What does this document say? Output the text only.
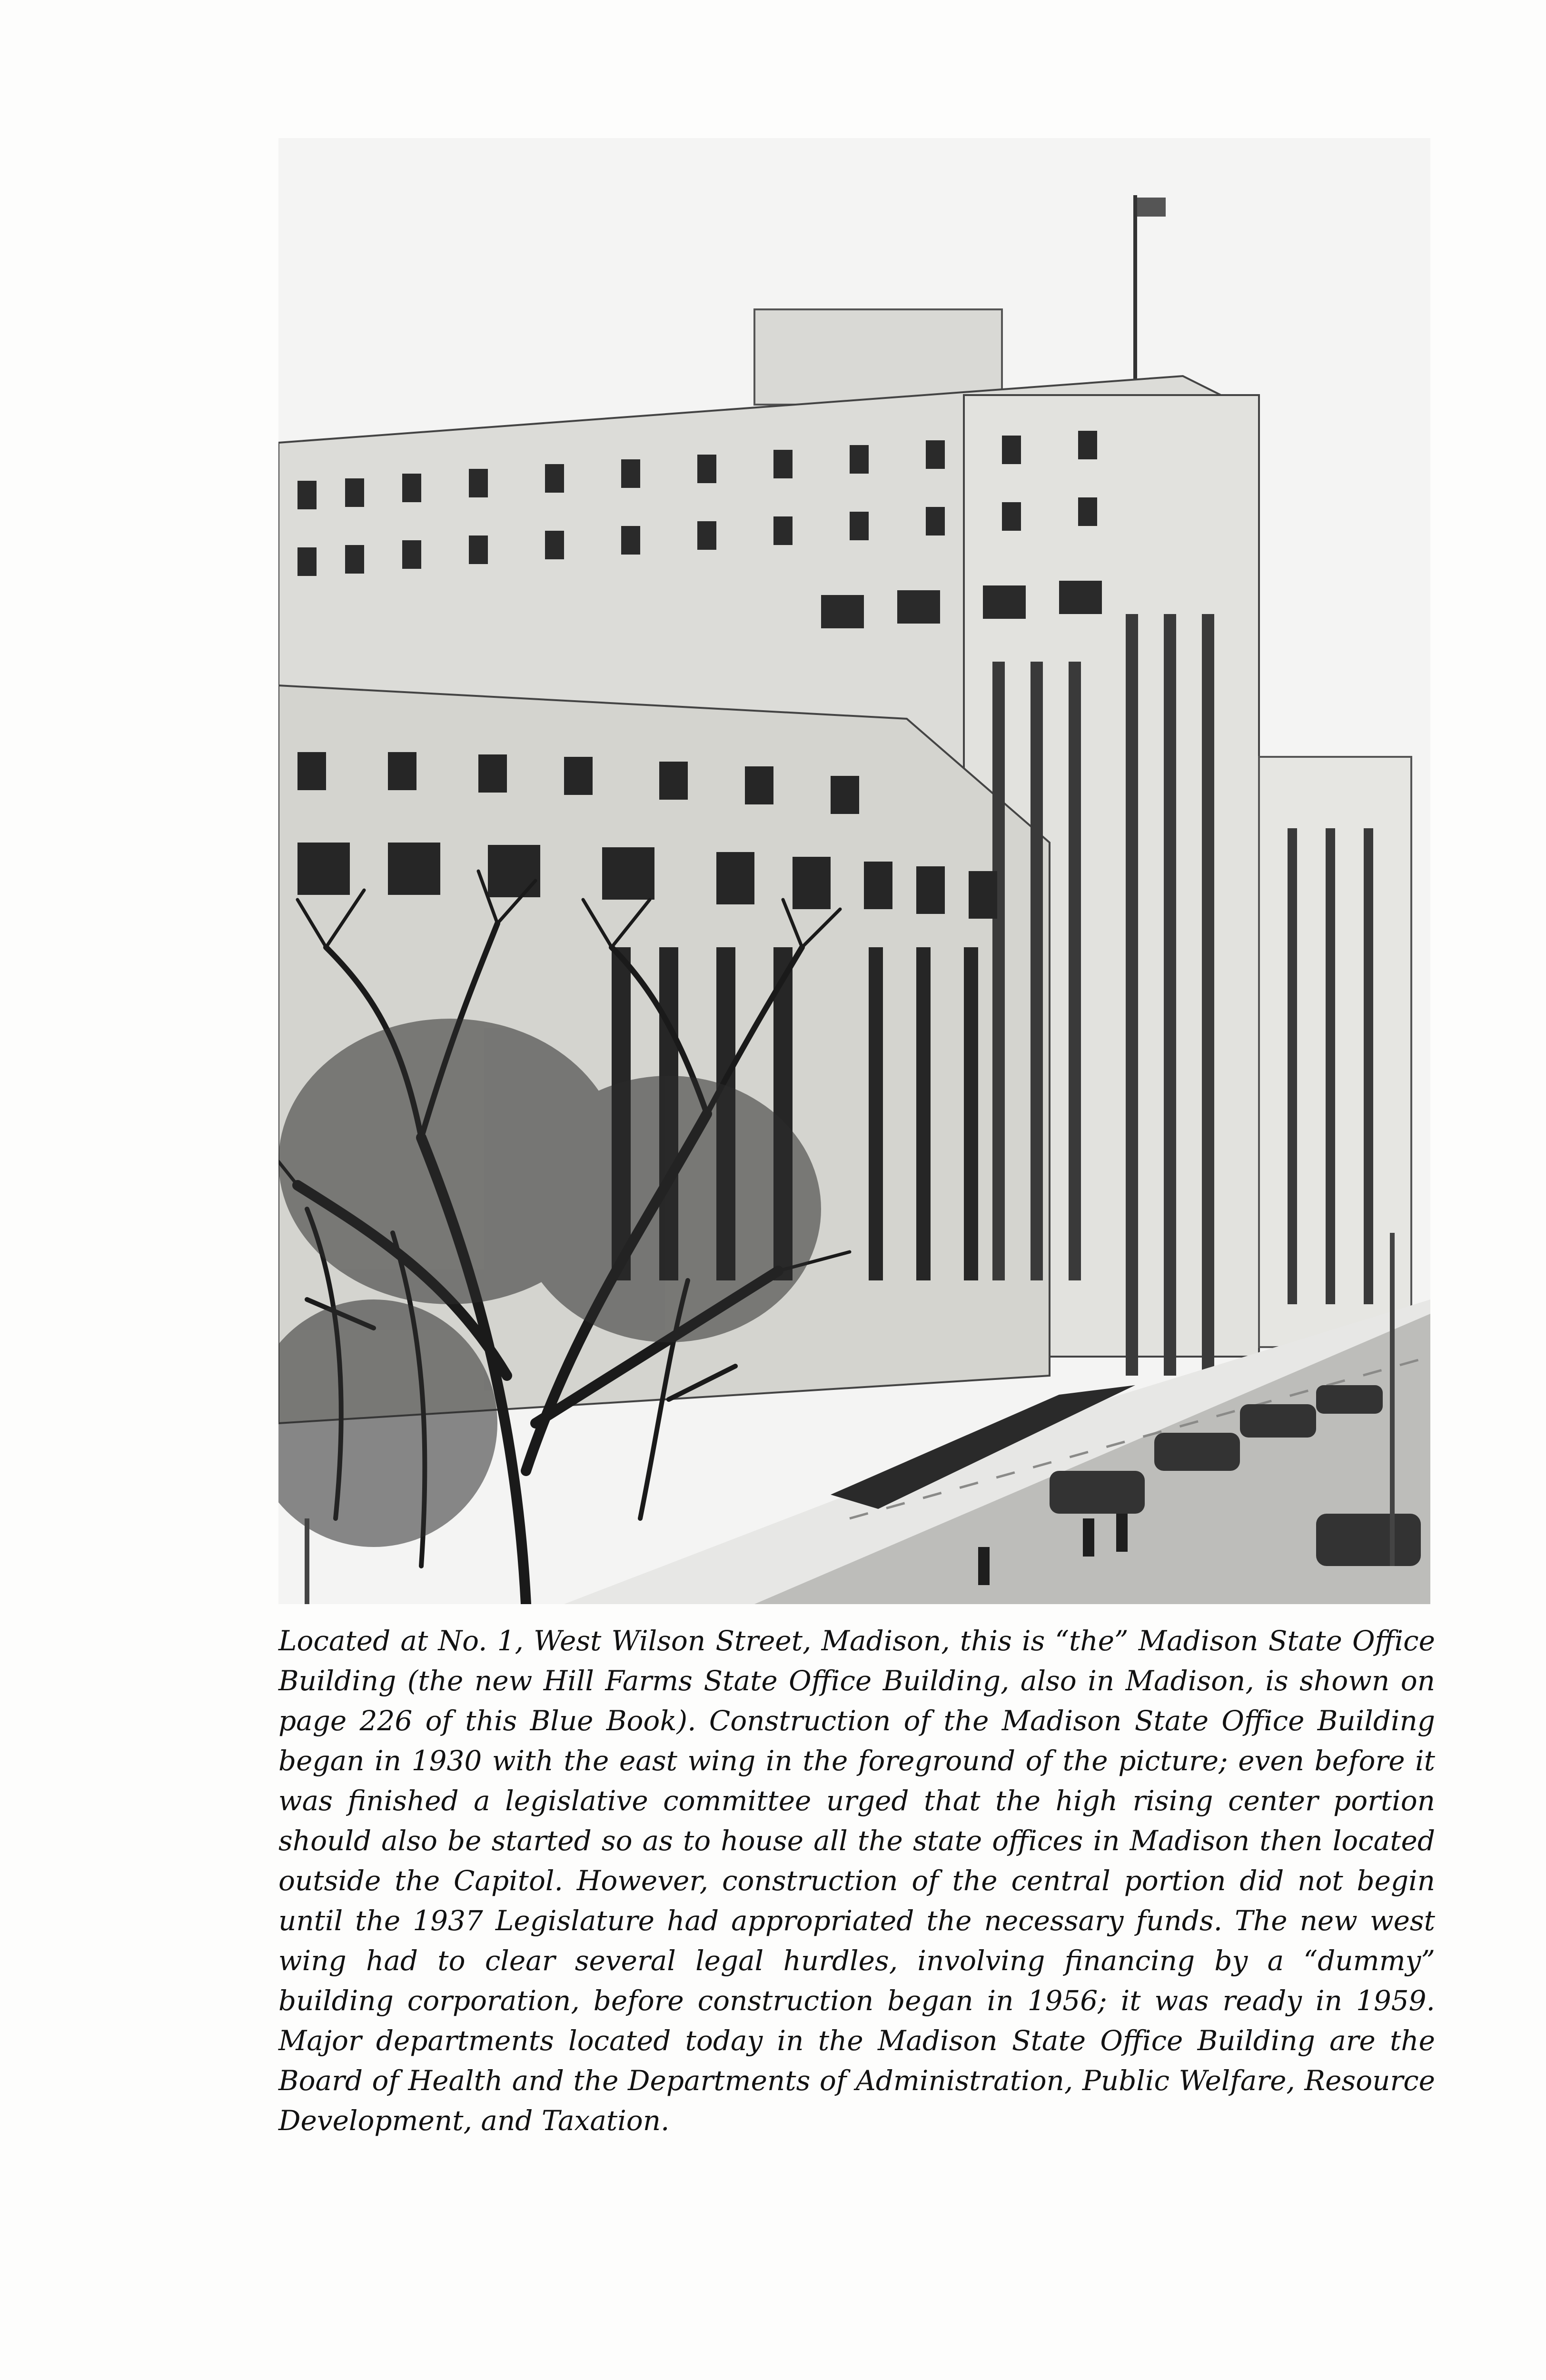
Located at No. 1, West Wilson Street, Madison, this is “the” Madison State Office Building (the new Hill Farms State Office Building, also in Madison, is shown on page 226 of this Blue Book). Construction of the Madison State Office Building began in 1930 with the east wing in the foreground of the picture; even before it was finished a legislative committee urged that the high rising center portion should also be started so as to house all the state offices in Madison then located outside the Capitol. However, construction of the central portion did not begin until the 1937 Legislature had appropriated the necessary funds. The new west wing had to clear several legal hurdles, involving financing by a “dummy” building corporation, before construction began in 1956; it was ready in 1959. Major departments located today in the Madison State Office Building are the Board of Health and the Departments of Administration, Public Welfare, Resource Development, and Taxation.
